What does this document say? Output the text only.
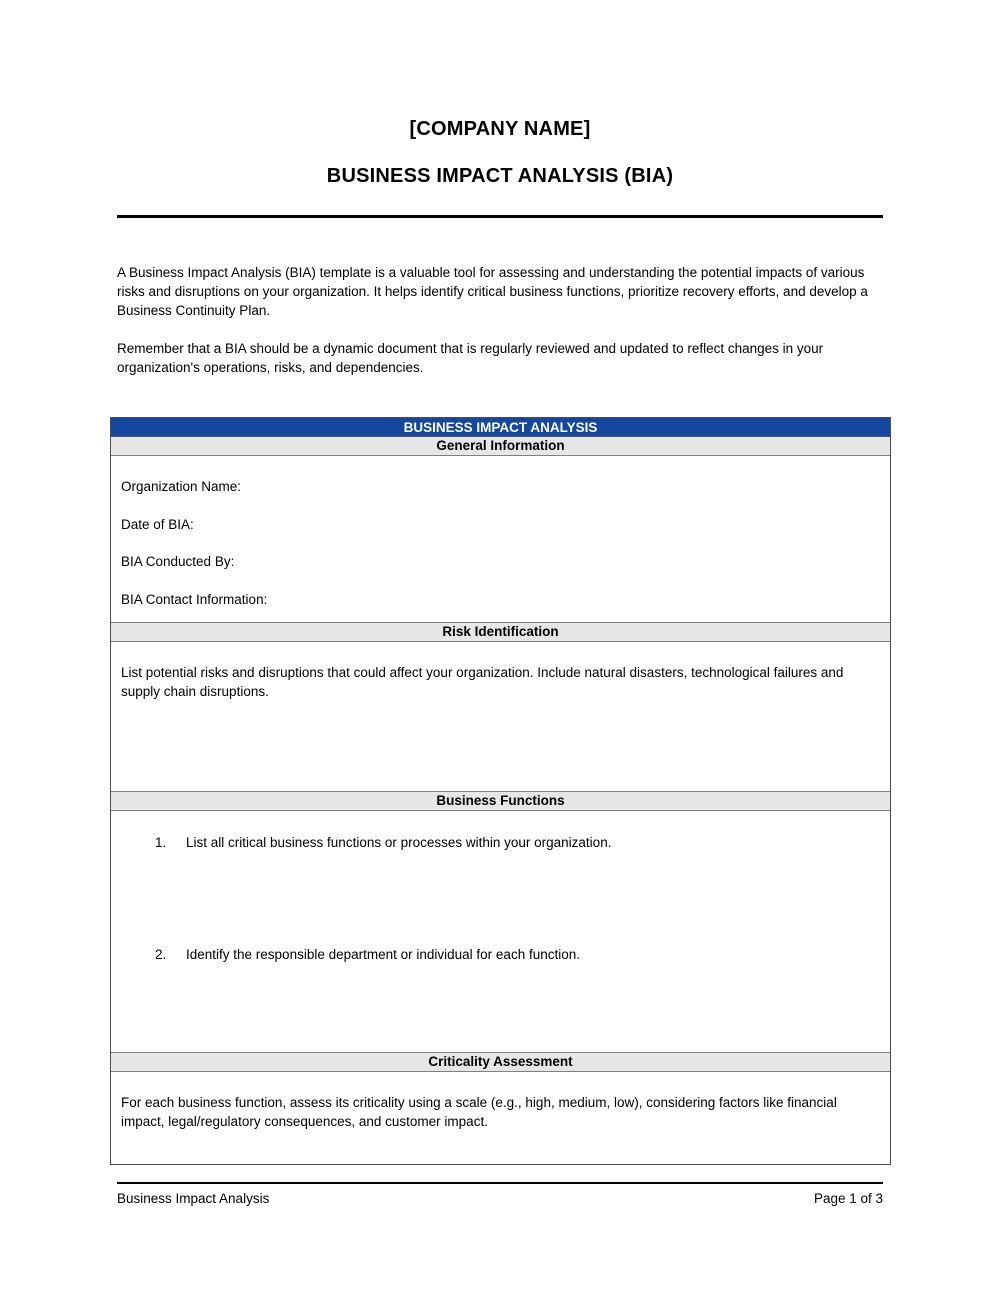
[COMPANY NAME]
BUSINESS IMPACT ANALYSIS (BIA)

A Business Impact Analysis (BIA) template is a valuable tool for assessing and understanding the potential impacts of various risks and disruptions on your organization. It helps identify critical business functions, prioritize recovery efforts, and develop a Business Continuity Plan.

Remember that a BIA should be a dynamic document that is regularly reviewed and updated to reflect changes in your organization's operations, risks, and dependencies.

BUSINESS IMPACT ANALYSIS
General Information
Organization Name:
Date of BIA:
BIA Conducted By:
BIA Contact Information:
Risk Identification
List potential risks and disruptions that could affect your organization. Include natural disasters, technological failures and supply chain disruptions.
Business Functions
1.	List all critical business functions or processes within your organization.
2.	Identify the responsible department or individual for each function.
Criticality Assessment
For each business function, assess its criticality using a scale (e.g., high, medium, low), considering factors like financial impact, legal/regulatory consequences, and customer impact.
Business Impact Analysis	Page 1 of 3
